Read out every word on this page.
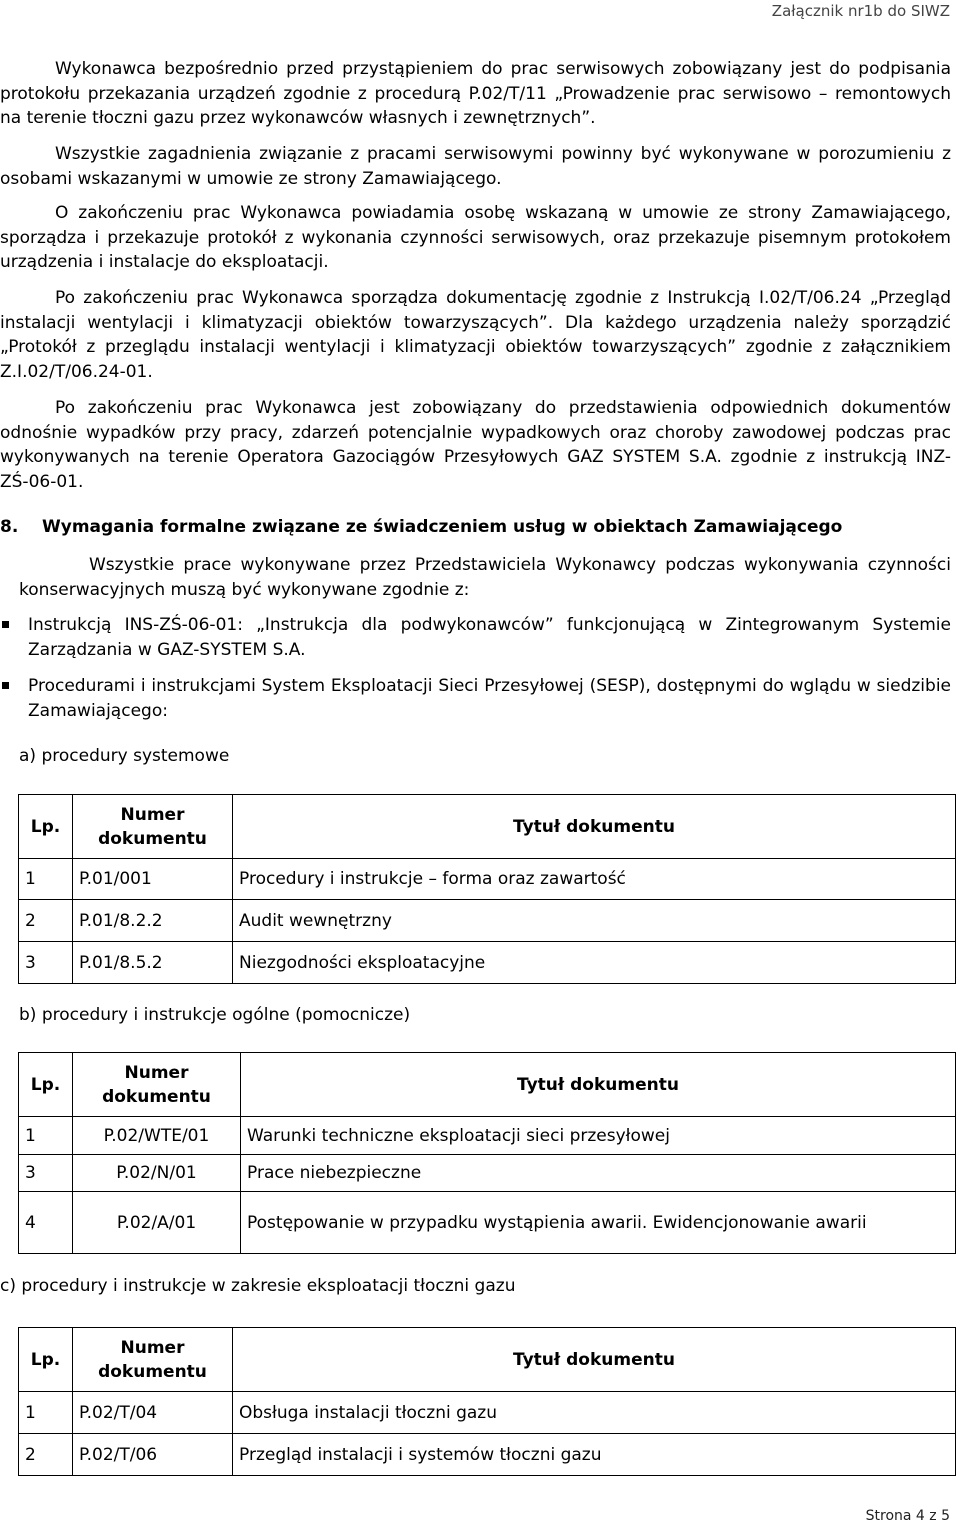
Załącznik nr1b do SIWZ

Wykonawca bezpośrednio przed przystąpieniem do prac serwisowych zobowiązany jest do podpisania protokołu przekazania urządzeń zgodnie z procedurą P.02/T/11 „Prowadzenie prac serwisowo – remontowych na terenie tłoczni gazu przez wykonawców własnych i zewnętrznych”.

Wszystkie zagadnienia związanie z pracami serwisowymi powinny być wykonywane w porozumieniu z osobami wskazanymi w umowie ze strony Zamawiającego.

O zakończeniu prac Wykonawca powiadamia osobę wskazaną w umowie ze strony Zamawiającego, sporządza i przekazuje protokół z wykonania czynności serwisowych, oraz przekazuje pisemnym protokołem urządzenia i instalacje do eksploatacji.

Po zakończeniu prac Wykonawca sporządza dokumentację zgodnie z Instrukcją I.02/T/06.24 „Przegląd instalacji wentylacji i klimatyzacji obiektów towarzyszących”. Dla każdego urządzenia należy sporządzić „Protokół z przeglądu instalacji wentylacji i klimatyzacji obiektów towarzyszących” zgodnie z załącznikiem Z.I.02/T/06.24-01.

Po zakończeniu prac Wykonawca jest zobowiązany do przedstawienia odpowiednich dokumentów odnośnie wypadków przy pracy, zdarzeń potencjalnie wypadkowych oraz choroby zawodowej podczas prac wykonywanych na terenie Operatora Gazociągów Przesyłowych GAZ SYSTEM S.A. zgodnie z instrukcją INZ-ZŚ-06-01.

8. Wymagania formalne związane ze świadczeniem usług w obiektach Zamawiającego

Wszystkie prace wykonywane przez Przedstawiciela Wykonawcy podczas wykonywania czynności konserwacyjnych muszą być wykonywane zgodnie z:

Instrukcją INS-ZŚ-06-01: „Instrukcja dla podwykonawców” funkcjonującą w Zintegrowanym Systemie Zarządzania w GAZ-SYSTEM S.A.
Procedurami i instrukcjami System Eksploatacji Sieci Przesyłowej (SESP), dostępnymi do wglądu w siedzibie Zamawiającego:
a) procedury systemowe
Lp.	Numer dokumentu	Tytuł dokumentu
1	P.01/001	Procedury i instrukcje – forma oraz zawartość
2	P.01/8.2.2	Audit wewnętrzny
3	P.01/8.5.2	Niezgodności eksploatacyjne
b) procedury i instrukcje ogólne (pomocnicze)
Lp.	Numer dokumentu	Tytuł dokumentu
1	P.02/WTE/01	Warunki techniczne eksploatacji sieci przesyłowej
3	P.02/N/01	Prace niebezpieczne
4	P.02/A/01	Postępowanie w przypadku wystąpienia awarii. Ewidencjonowanie awarii
c) procedury i instrukcje w zakresie eksploatacji tłoczni gazu
Lp.	Numer dokumentu	Tytuł dokumentu
1	P.02/T/04	Obsługa instalacji tłoczni gazu
2	P.02/T/06	Przegląd instalacji i systemów tłoczni gazu
Strona 4 z 5
